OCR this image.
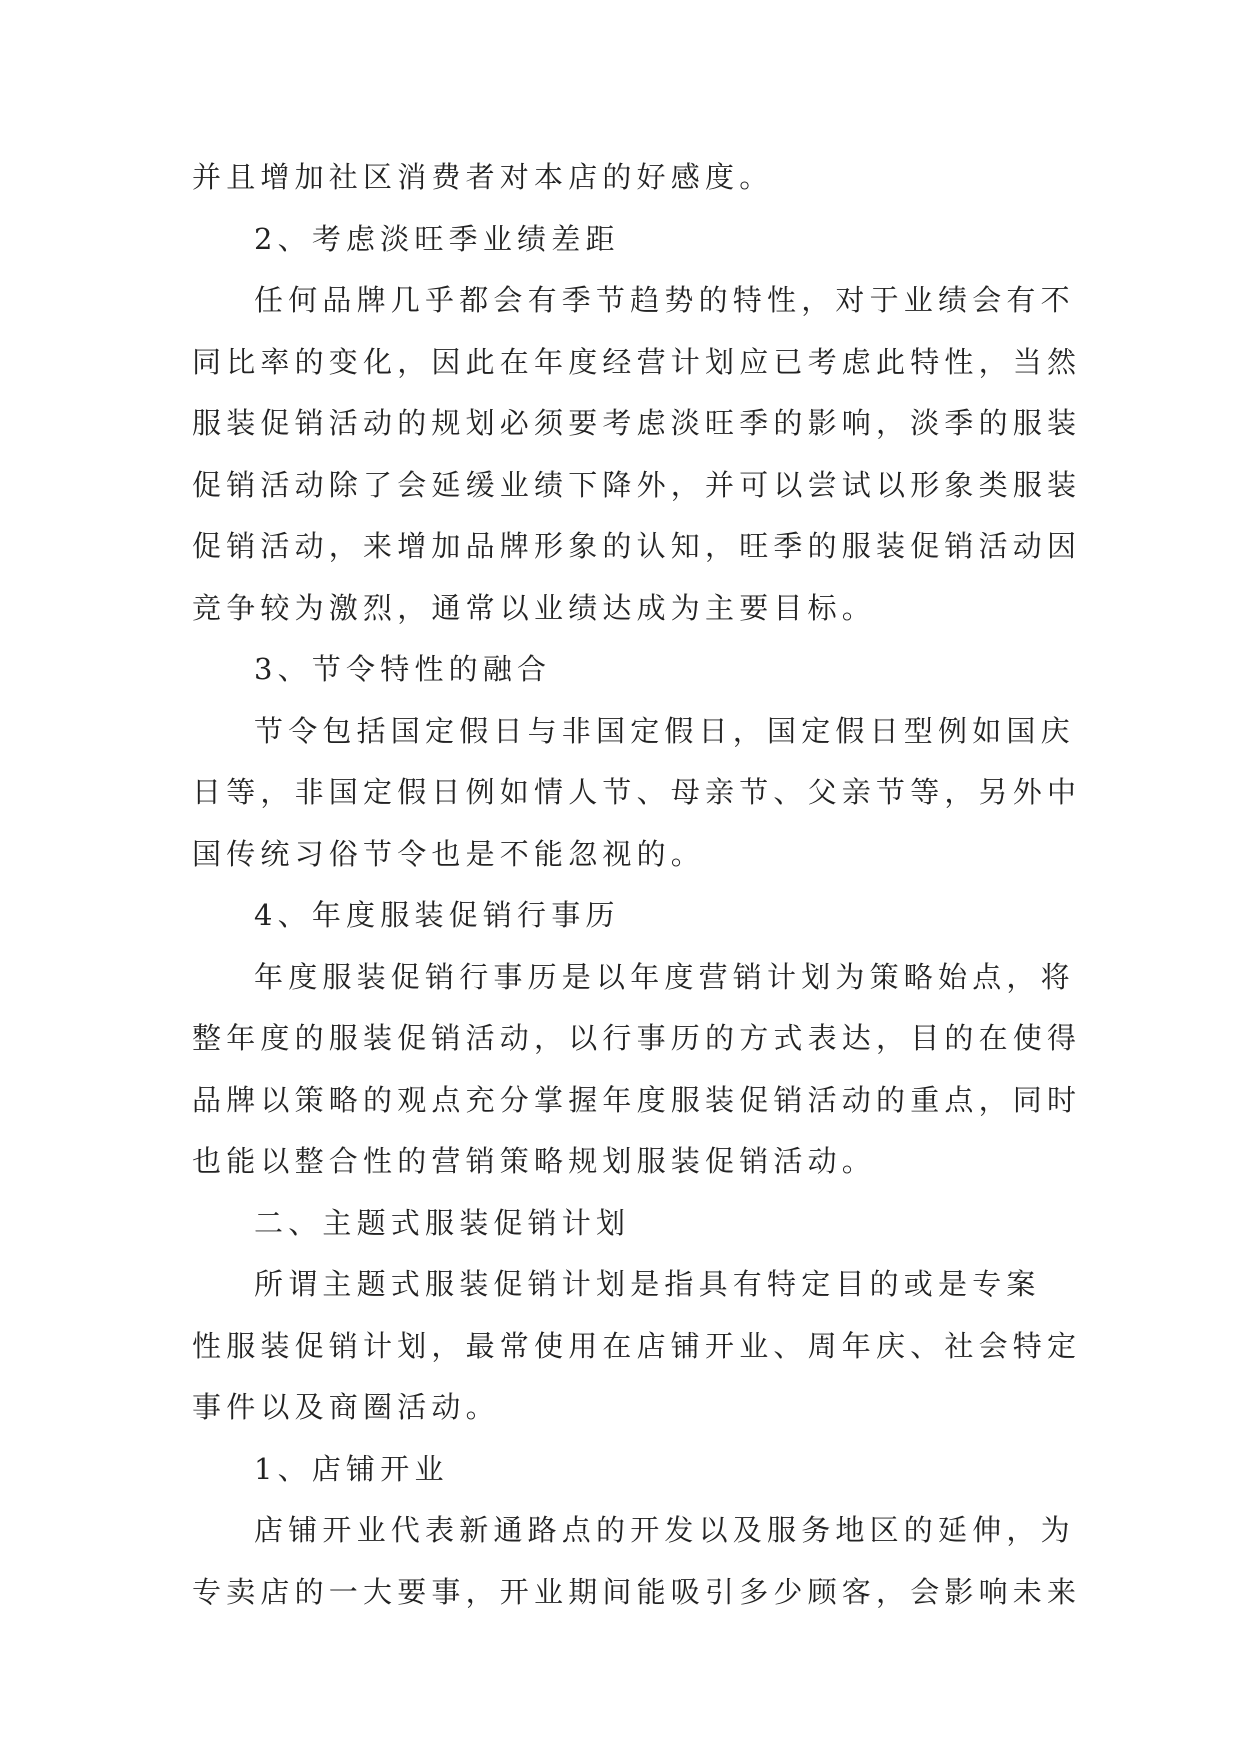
并且增加社区消费者对本店的好感度。
2、考虑淡旺季业绩差距
任何品牌几乎都会有季节趋势的特性，对于业绩会有不
同比率的变化，因此在年度经营计划应已考虑此特性，当然
服装促销活动的规划必须要考虑淡旺季的影响，淡季的服装
促销活动除了会延缓业绩下降外，并可以尝试以形象类服装
促销活动，来增加品牌形象的认知，旺季的服装促销活动因
竞争较为激烈，通常以业绩达成为主要目标。
3、节令特性的融合
节令包括国定假日与非国定假日，国定假日型例如国庆
日等，非国定假日例如情人节、母亲节、父亲节等，另外中
国传统习俗节令也是不能忽视的。
4、年度服装促销行事历
年度服装促销行事历是以年度营销计划为策略始点，将
整年度的服装促销活动，以行事历的方式表达，目的在使得
品牌以策略的观点充分掌握年度服装促销活动的重点，同时
也能以整合性的营销策略规划服装促销活动。
二、主题式服装促销计划
所谓主题式服装促销计划是指具有特定目的或是专案
性服装促销计划，最常使用在店铺开业、周年庆、社会特定
事件以及商圈活动。
1、店铺开业
店铺开业代表新通路点的开发以及服务地区的延伸，为
专卖店的一大要事，开业期间能吸引多少顾客，会影响未来
